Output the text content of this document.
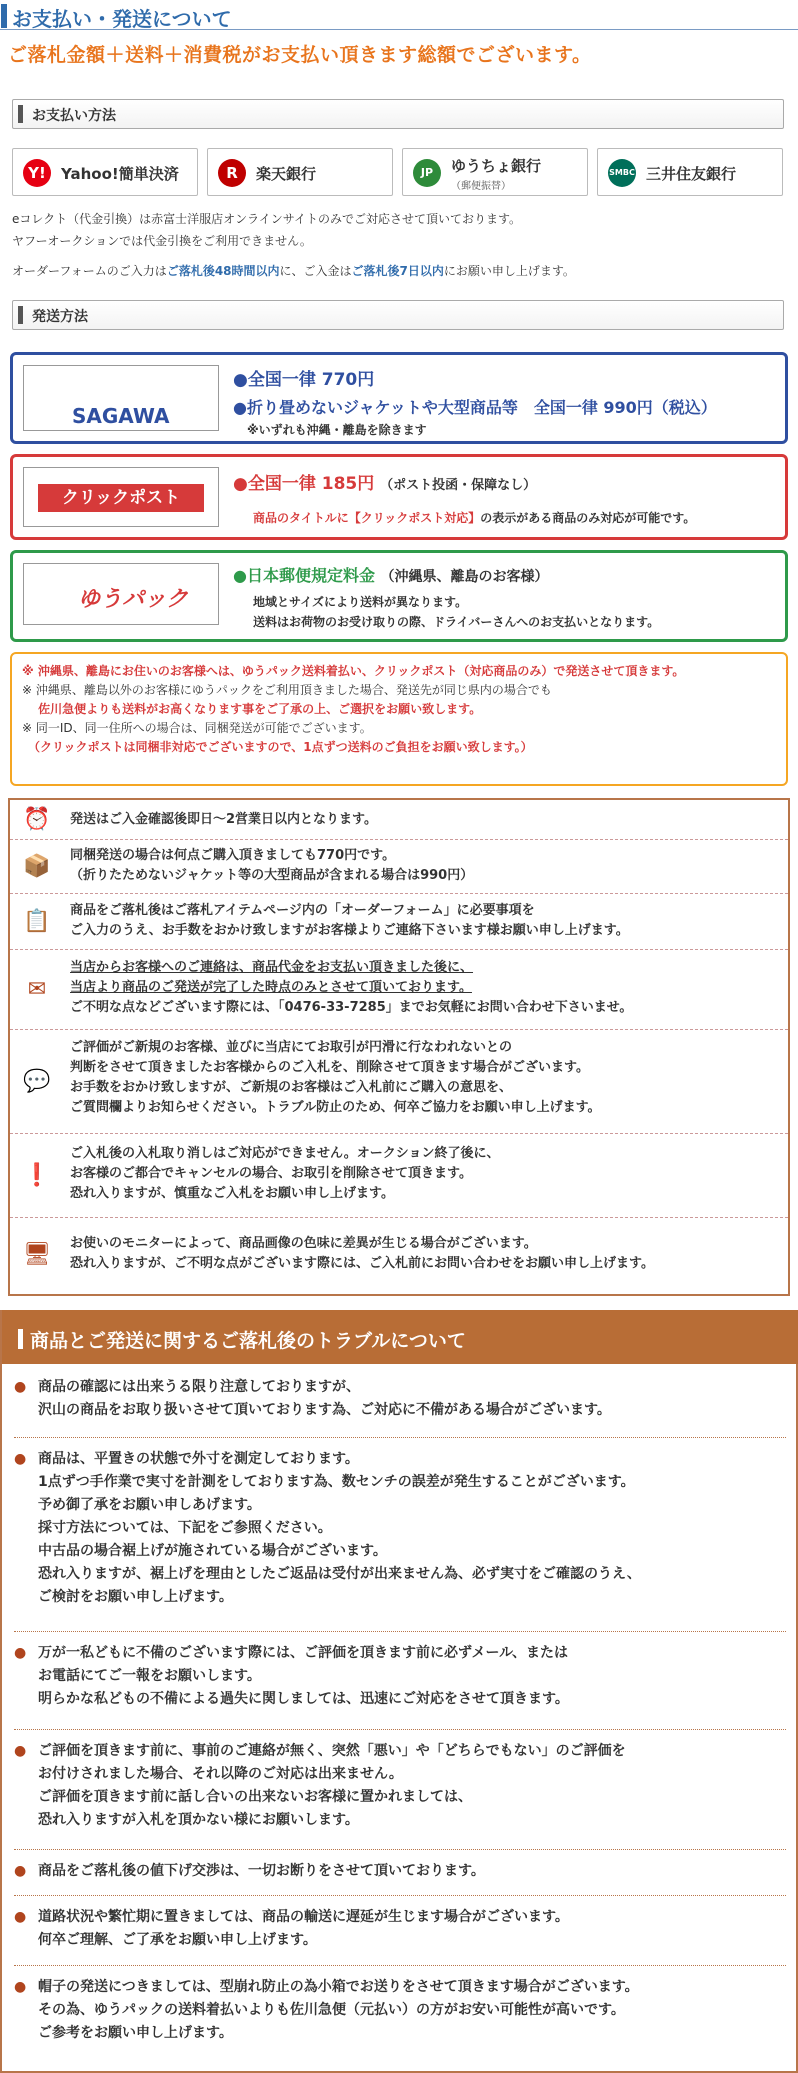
お支払い・発送について
ご落札金額＋送料＋消費税がお支払い頂きます総額でございます。
お支払い方法
Y!	Yahoo!簡単決済	R	楽天銀行	JP	ゆうちょ銀行
（郵便振替）
SMBC 三井住友銀行
eコレクト（代金引換）は赤富士洋服店オンラインサイトのみでご対応させて頂いております。
ヤフーオークションでは代金引換をご利用できません。
オーダーフォームのご入力はご落札後48時間以内に、ご入金はご落札後7日以内にお願い申し上げます。
発送方法
SAGAWA
●全国一律 770円
●折り畳めないジャケットや大型商品等　全国一律 990円（税込）
※いずれも沖縄・離島を除きます
クリックポスト
●全国一律 185円 （ポスト投函・保障なし）
商品のタイトルに【クリックポスト対応】の表示がある商品のみ対応が可能です。
ゆうパック
●日本郵便規定料金 （沖縄県、離島のお客様）
地域とサイズにより送料が異なります。
送料はお荷物のお受け取りの際、ドライバーさんへのお支払いとなります。
※ 沖縄県、離島にお住いのお客様へは、ゆうパック送料着払い、クリックポスト（対応商品のみ）で発送させて頂きます。
※ 沖縄県、離島以外のお客様にゆうパックをご利用頂きました場合、発送先が同じ県内の場合でも
　 佐川急便よりも送料がお高くなります事をご了承の上、ご選択をお願い致します。
※ 同一ID、同一住所への場合は、同梱発送が可能でございます。
　（クリックポストは同梱非対応でございますので、1点ずつ送料のご負担をお願い致します。）
⏰ 発送はご入金確認後即日〜2営業日以内となります。
📦 同梱発送の場合は何点ご購入頂きましても770円です。
（折りたためないジャケット等の大型商品が含まれる場合は990円）
📋 商品をご落札後はご落札アイテムページ内の「オーダーフォーム」に必要事項を
ご入力のうえ、お手数をおかけ致しますがお客様よりご連絡下さいます様お願い申し上げます。
✉
当店からお客様へのご連絡は、商品代金をお支払い頂きました後に、
当店より商品のご発送が完了した時点のみとさせて頂いております。
ご不明な点などございます際には、「0476-33-7285」までお気軽にお問い合わせ下さいませ。
💬
ご評価がご新規のお客様、並びに当店にてお取引が円滑に行なわれないとの
判断をさせて頂きましたお客様からのご入札を、削除させて頂きます場合がございます。
お手数をおかけ致しますが、ご新規のお客様はご入札前にご購入の意思を、
ご質問欄よりお知らせください。トラブル防止のため、何卒ご協力をお願い申し上げます。
❗
ご入札後の入札取り消しはご対応ができません。オークション終了後に、
お客様のご都合でキャンセルの場合、お取引を削除させて頂きます。
恐れ入りますが、慎重なご入札をお願い申し上げます。
🖥 お使いのモニターによって、商品画像の色味に差異が生じる場合がございます。
恐れ入りますが、ご不明な点がございます際には、ご入札前にお問い合わせをお願い申し上げます。
商品とご発送に関するご落札後のトラブルについて
● 商品の確認には出来うる限り注意しておりますが、
沢山の商品をお取り扱いさせて頂いております為、ご対応に不備がある場合がございます。
● 商品は、平置きの状態で外寸を測定しております。
1点ずつ手作業で実寸を計測をしております為、数センチの誤差が発生することがございます。
予め御了承をお願い申しあげます。
採寸方法については、下記をご参照ください。
中古品の場合裾上げが施されている場合がございます。
恐れ入りますが、裾上げを理由としたご返品は受付が出来ません為、必ず実寸をご確認のうえ、
ご検討をお願い申し上げます。
● 万が一私どもに不備のございます際には、ご評価を頂きます前に必ずメール、または
お電話にてご一報をお願いします。
明らかな私どもの不備による過失に関しましては、迅速にご対応をさせて頂きます。
● ご評価を頂きます前に、事前のご連絡が無く、突然「悪い」や「どちらでもない」のご評価を
お付けされました場合、それ以降のご対応は出来ません。
ご評価を頂きます前に話し合いの出来ないお客様に置かれましては、
恐れ入りますが入札を頂かない様にお願いします。
● 商品をご落札後の値下げ交渉は、一切お断りをさせて頂いております。
● 道路状況や繁忙期に置きましては、商品の輸送に遅延が生じます場合がございます。
何卒ご理解、ご了承をお願い申し上げます。
● 帽子の発送につきましては、型崩れ防止の為小箱でお送りをさせて頂きます場合がございます。
その為、ゆうパックの送料着払いよりも佐川急便（元払い）の方がお安い可能性が高いです。
ご参考をお願い申し上げます。
